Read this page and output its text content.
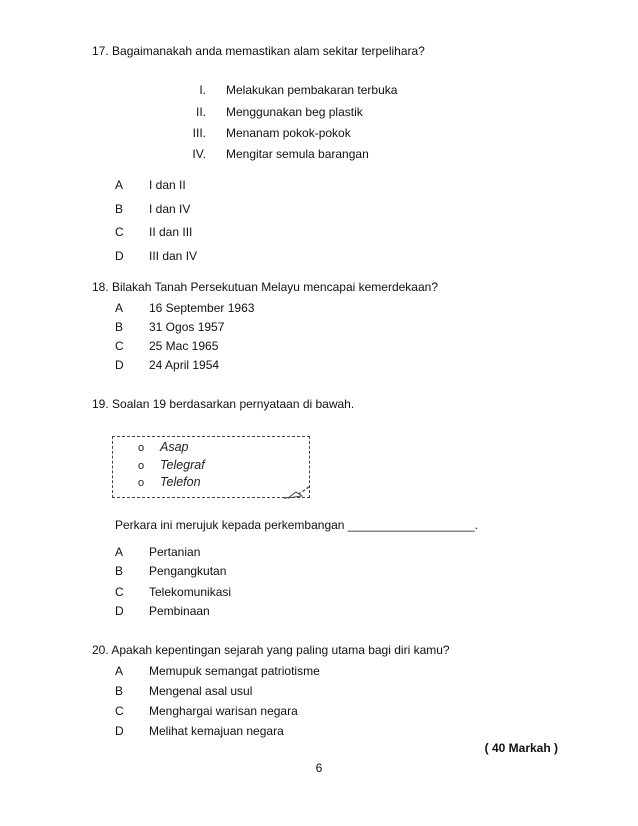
17. Bagaimanakah anda memastikan alam sekitar terpelihara?
I. Melakukan pembakaran terbuka
II. Menggunakan beg plastik
III. Menanam pokok-pokok
IV. Mengitar semula barangan
A I dan II
B I dan IV
C II dan III
D III dan IV
18. Bilakah Tanah Persekutuan Melayu mencapai kemerdekaan?
A 16 September 1963
B 31 Ogos 1957
C 25 Mac 1965
D 24 April 1954
19. Soalan 19 berdasarkan pernyataan di bawah.
o Asap
o Telegraf
o Telefon
Perkara ini merujuk kepada perkembangan ___________________.
A Pertanian
B Pengangkutan
C Telekomunikasi
D Pembinaan
20. Apakah kepentingan sejarah yang paling utama bagi diri kamu?
A Memupuk semangat patriotisme
B Mengenal asal usul
C Menghargai warisan negara
D Melihat kemajuan negara
( 40 Markah )
6
